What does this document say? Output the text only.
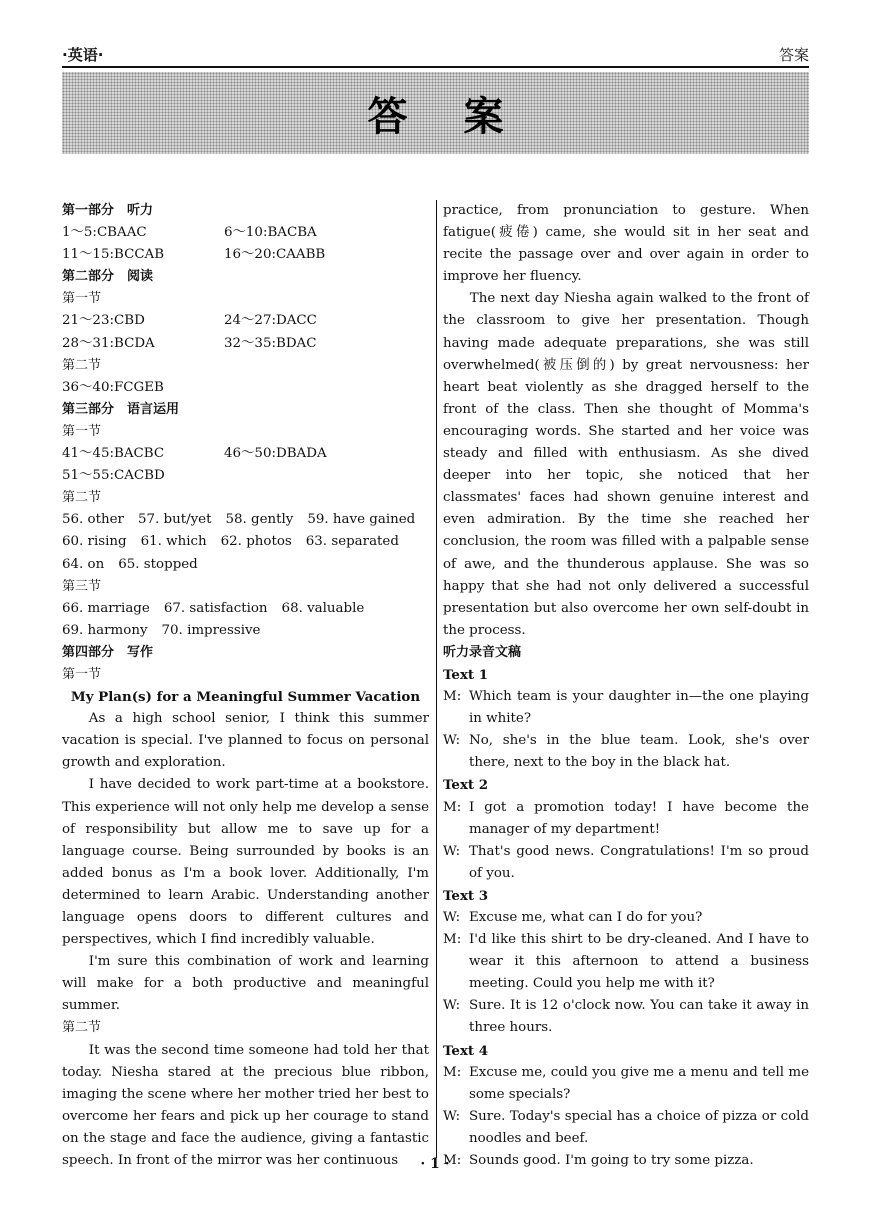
·英语·	答案
答案
第一部分　听力
1～5:CBAAC	6～10:BACBA
11～15:BCCAB	16～20:CAABB
第二部分　阅读
第一节
21～23:CBD	24～27:DACC
28～31:BCDA	32～35:BDAC
第二节
36～40:FCGEB
第三部分　语言运用
第一节
41～45:BACBC	46～50:DBADA
51～55:CACBD
第二节
56. other 57. but/yet 58. gently 59. have gained
60. rising 61. which 62. photos 63. separated
64. on 65. stopped
第三节
66. marriage 67. satisfaction 68. valuable
69. harmony 70. impressive
第四部分　写作
第一节
My Plan(s) for a Meaningful Summer Vacation

As a high school senior, I think this summer vacation is special. I've planned to focus on personal growth and exploration.

I have decided to work part-time at a bookstore. This experience will not only help me develop a sense of responsibility but allow me to save up for a language course. Being surrounded by books is an added bonus as I'm a book lover. Additionally, I'm determined to learn Arabic. Understanding another language opens doors to different cultures and perspectives, which I find incredibly valuable.

I'm sure this combination of work and learning will make for a both productive and meaningful summer.

第二节

It was the second time someone had told her that today. Niesha stared at the precious blue ribbon, imaging the scene where her mother tried her best to overcome her fears and pick up her courage to stand on the stage and face the audience, giving a fantastic speech. In front of the mirror was her continuous

practice, from pronunciation to gesture. When fatigue(疲倦) came, she would sit in her seat and recite the passage over and over again in order to improve her fluency.

The next day Niesha again walked to the front of the classroom to give her presentation. Though having made adequate preparations, she was still overwhelmed(被压倒的) by great nervousness: her heart beat violently as she dragged herself to the front of the class. Then she thought of Momma's encouraging words. She started and her voice was steady and filled with enthusiasm. As she dived deeper into her topic, she noticed that her classmates' faces had shown genuine interest and even admiration. By the time she reached her conclusion, the room was filled with a palpable sense of awe, and the thunderous applause. She was so happy that she had not only delivered a successful presentation but also overcome her own self-doubt in the process.

听力录音文稿
Text 1
M: Which team is your daughter in—the one playing in white?
W: No, she's in the blue team. Look, she's over there, next to the boy in the black hat.
Text 2
M: I got a promotion today! I have become the manager of my department!
W: That's good news. Congratulations! I'm so proud of you.
Text 3
W: Excuse me, what can I do for you?
M: I'd like this shirt to be dry-cleaned. And I have to wear it this afternoon to attend a business meeting. Could you help me with it?
W: Sure. It is 12 o'clock now. You can take it away in three hours.
Text 4
M: Excuse me, could you give me a menu and tell me some specials?
W: Sure. Today's special has a choice of pizza or cold noodles and beef.
M: Sounds good. I'm going to try some pizza.
· 1 ·
